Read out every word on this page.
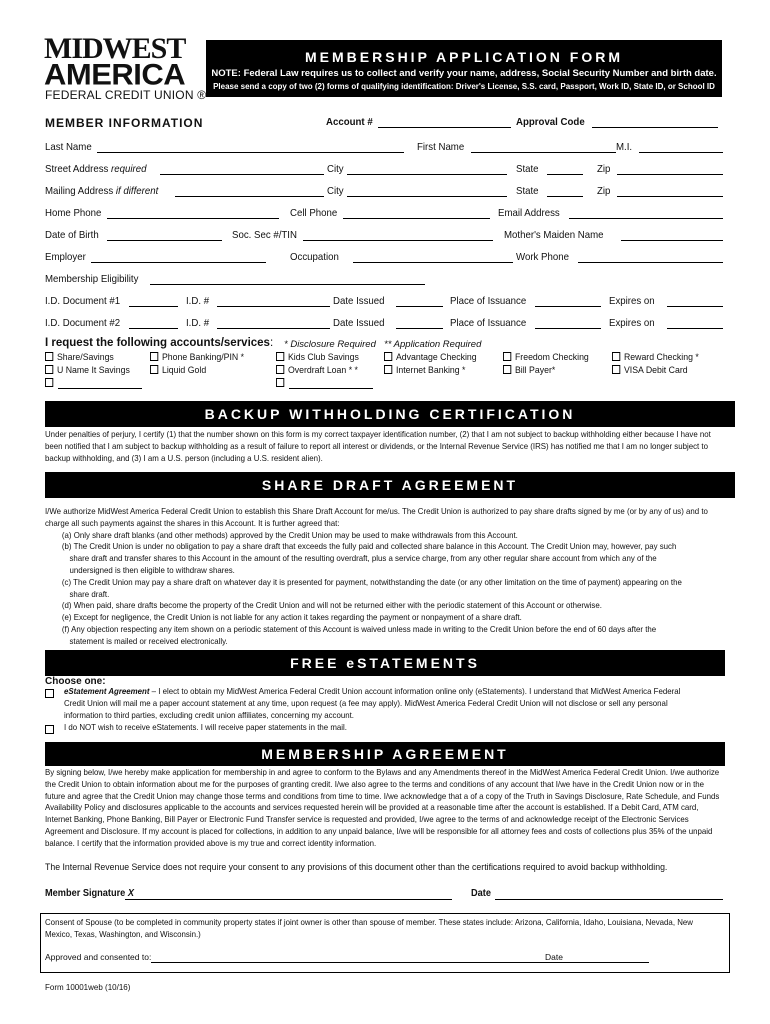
MIDWEST
AMERICA
FEDERAL CREDIT UNION ®
MEMBERSHIP APPLICATION FORM
NOTE: Federal Law requires us to collect and verify your name, address, Social Security Number and birth date.
Please send a copy of two (2) forms of qualifying identification: Driver's License, S.S. card, Passport, Work ID, State ID, or School ID
MEMBER INFORMATION	Account #	Approval Code
Last Name	First Name	M.I.
Street Address required	City	State	Zip
Mailing Address if different	City	State	Zip
Home Phone	Cell Phone	Email Address
Date of Birth	Soc. Sec #/TIN	Mother's Maiden Name
Employer	Occupation	Work Phone
Membership Eligibility
I.D. Document #1	I.D. #	Date Issued	Place of Issuance	Expires on
I.D. Document #2	I.D. #	Date Issued	Place of Issuance	Expires on
I request the following accounts/services: * Disclosure Required ** Application Required
Share/Savings	Phone Banking/PIN *	Kids Club Savings	Advantage Checking	Freedom Checking	Reward Checking *
U Name It Savings	Liquid Gold	Overdraft Loan * *	Internet Banking *	Bill Payer*	VISA Debit Card
BACKUP WITHHOLDING CERTIFICATION
Under penalties of perjury, I certify (1) that the number shown on this form is my correct taxpayer identification number, (2) that I am not subject to backup withholding either because I have not been notified that I am subject to backup withholding as a result of failure to report all interest or dividends, or the Internal Revenue Service (IRS) has notified me that I am no longer subject to backup withholding, and (3) I am a U.S. person (including a U.S. resident alien).
SHARE DRAFT AGREEMENT

I/We authorize MidWest America Federal Credit Union to establish this Share Draft Account for me/us. The Credit Union is authorized to pay share drafts signed by me (or by any of us) and to charge all such payments against the shares in this Account. It is further agreed that:

(a) Only share draft blanks (and other methods) approved by the Credit Union may be used to make withdrawals from this Account.

(b) The Credit Union is under no obligation to pay a share draft that exceeds the fully paid and collected share balance in this Account. The Credit Union may, however, pay such

share draft and transfer shares to this Account in the amount of the resulting overdraft, plus a service charge, from any other regular share account from which any of the

undersigned is then eligible to withdraw shares.

(c) The Credit Union may pay a share draft on whatever day it is presented for payment, notwithstanding the date (or any other limitation on the time of payment) appearing on the

share draft.

(d) When paid, share drafts become the property of the Credit Union and will not be returned either with the periodic statement of this Account or otherwise.

(e) Except for negligence, the Credit Union is not liable for any action it takes regarding the payment or nonpayment of a share draft.

(f) Any objection respecting any item shown on a periodic statement of this Account is waived unless made in writing to the Credit Union before the end of 60 days after the

statement is mailed or received electronically.

FREE eSTATEMENTS
Choose one:

eStatement Agreement – I elect to obtain my MidWest America Federal Credit Union account information online only (eStatements). I understand that MidWest America Federal

Credit Union will mail me a paper account statement at any time, upon request (a fee may apply). MidWest America Federal Credit Union will not disclose or sell any personal

information to third parties, excluding credit union affiliates, concerning my account.

I do NOT wish to receive eStatements. I will receive paper statements in the mail.
MEMBERSHIP AGREEMENT
By signing below, I/we hereby make application for membership in and agree to conform to the Bylaws and any Amendments thereof in the MidWest America Federal Credit Union. I/we authorize the Credit Union to obtain information about me for the purposes of granting credit. I/we also agree to the terms and conditions of any account that I/we have in the Credit Union now or in the future and agree that the Credit Union may change those terms and conditions from time to time. I/we acknowledge that a of a copy of the Truth in Savings Disclosure, Rate Schedule, and Funds Availability Policy and disclosures applicable to the accounts and services requested herein will be provided at a reasonable time after the account is established. If a Debit Card, ATM card, Internet Banking, Phone Banking, Bill Payer or Electronic Fund Transfer service is requested and provided, I/we agree to the terms of and acknowledge receipt of the Electronic Services Agreement and Disclosure. If my account is placed for collections, in addition to any unpaid balance, I/we will be responsible for all attorney fees and costs of collections plus 35% of the unpaid balance. I certify that the information provided above is my true and correct identity information.
The Internal Revenue Service does not require your consent to any provisions of this document other than the certifications required to avoid backup withholding.
Member Signature X	Date
Consent of Spouse (to be completed in community property states if joint owner is other than spouse of member. These states include: Arizona, California, Idaho, Louisiana, Nevada, New Mexico, Texas, Washington, and Wisconsin.)
Approved and consented to:	Date
Form 10001web (10/16)
